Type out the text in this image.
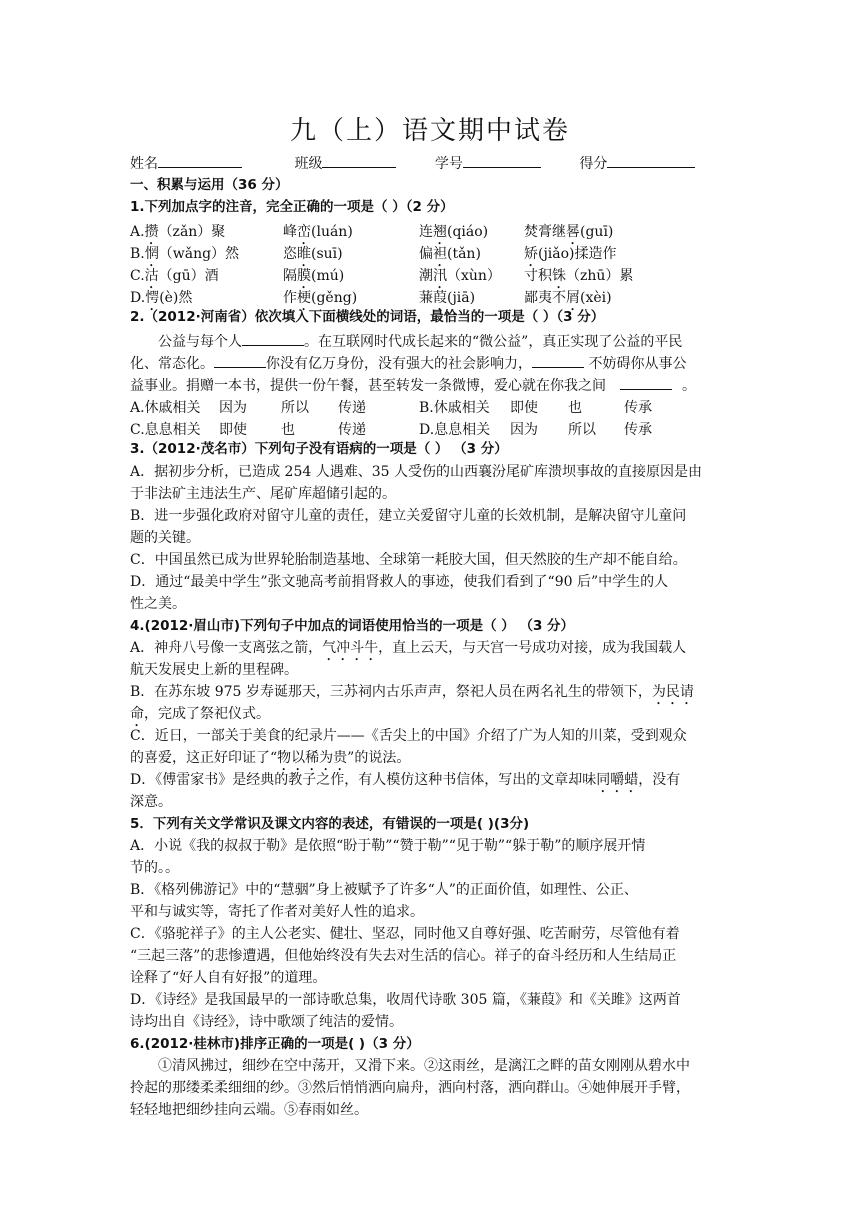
九（上）语文期中试卷
姓名	班级	学号	得分
一、积累与运用（36 分）
1.下列加点字的注音，完全正确的一项是（ ）（2 分）
A.攒（zǎn）聚	峰峦(luán)	连翘(qiáo)	焚膏继晷(guī)
B.惘（wǎng）然	恣睢(suī)	偏袒(tǎn)	矫(jiǎo)揉造作
C.沽（gū）酒	隔膜(mú)	潮汛（xùn） 寸积铢（zhū）累
D.愕(è)然	作梗(gěng)	蒹葭(jiā)	鄙夷不屑(xèi)
2.（2012·河南省）依次填入下面横线处的词语，最恰当的一项是（ ）（3 分）
公益与每个人	。在互联网时代成长起来的“微公益”，真正实现了公益的平民
化、常态化。	你没有亿万身份，没有强大的社会影响力，	不妨碍你从事公
益事业。捐赠一本书，提供一份午餐，甚至转发一条微博，爱心就在你我之间	。
A.休戚相关 因为 所以 传递	B.休戚相关 即使 也	传承
C.息息相关 即使 也	传递	D.息息相关 因为 所以 传承
3.（2012·茂名市）下列句子没有语病的一项是（ ） （3 分）
A．据初步分析，已造成 254 人遇难、35 人受伤的山西襄汾尾矿库溃坝事故的直接原因是由
于非法矿主违法生产、尾矿库超储引起的。
B．进一步强化政府对留守儿童的责任，建立关爱留守儿童的长效机制，是解决留守儿童问
题的关键。
C．中国虽然已成为世界轮胎制造基地、全球第一耗胶大国，但天然胶的生产却不能自给。
D．通过“最美中学生”张文驰高考前捐肾救人的事迹，使我们看到了“90 后”中学生的人
性之美。
4.(2012·眉山市)下列句子中加点的词语使用恰当的一项是（ ） （3 分）
A．神舟八号像一支离弦之箭，气冲斗牛，直上云天，与天宫一号成功对接，成为我国载人
航天发展史上新的里程碑。
B．在苏东坡 975 岁寿诞那天，三苏祠内古乐声声，祭祀人员在两名礼生的带领下，为民请
命，完成了祭祀仪式。
C．近日，一部关于美食的纪录片——《舌尖上的中国》介绍了广为人知的川菜，受到观众
的喜爱，这正好印证了“物以稀为贵”的说法。
D．《傅雷家书》是经典的教子之作，有人模仿这种书信体，写出的文章却味同嚼蜡，没有
深意。
5．下列有关文学常识及课文内容的表述，有错误的一项是( )(3分)
A．小说《我的叔叔于勒》是依照“盼于勒”“赞于勒”“见于勒”“躲于勒”的顺序展开情
节的。。
B．《格列佛游记》中的“慧骃”身上被赋予了许多“人”的正面价值，如理性、公正、
平和与诚实等，寄托了作者对美好人性的追求。
C．《骆驼祥子》的主人公老实、健壮、坚忍，同时他又自尊好强、吃苦耐劳，尽管他有着
“三起三落”的悲惨遭遇，但他始终没有失去对生活的信心。祥子的奋斗经历和人生结局正
诠释了“好人自有好报”的道理。
D．《诗经》是我国最早的一部诗歌总集，收周代诗歌 305 篇，《蒹葭》和《关雎》这两首
诗均出自《诗经》，诗中歌颂了纯洁的爱情。
6.(2012·桂林市)排序正确的一项是( )（3 分）
①清风拂过，细纱在空中荡开，又滑下来。②这雨丝，是漓江之畔的苗女刚刚从碧水中
拎起的那缕柔柔细细的纱。③然后悄悄洒向扁舟，洒向村落，洒向群山。④她伸展开手臂，
轻轻地把细纱挂向云端。⑤春雨如丝。
